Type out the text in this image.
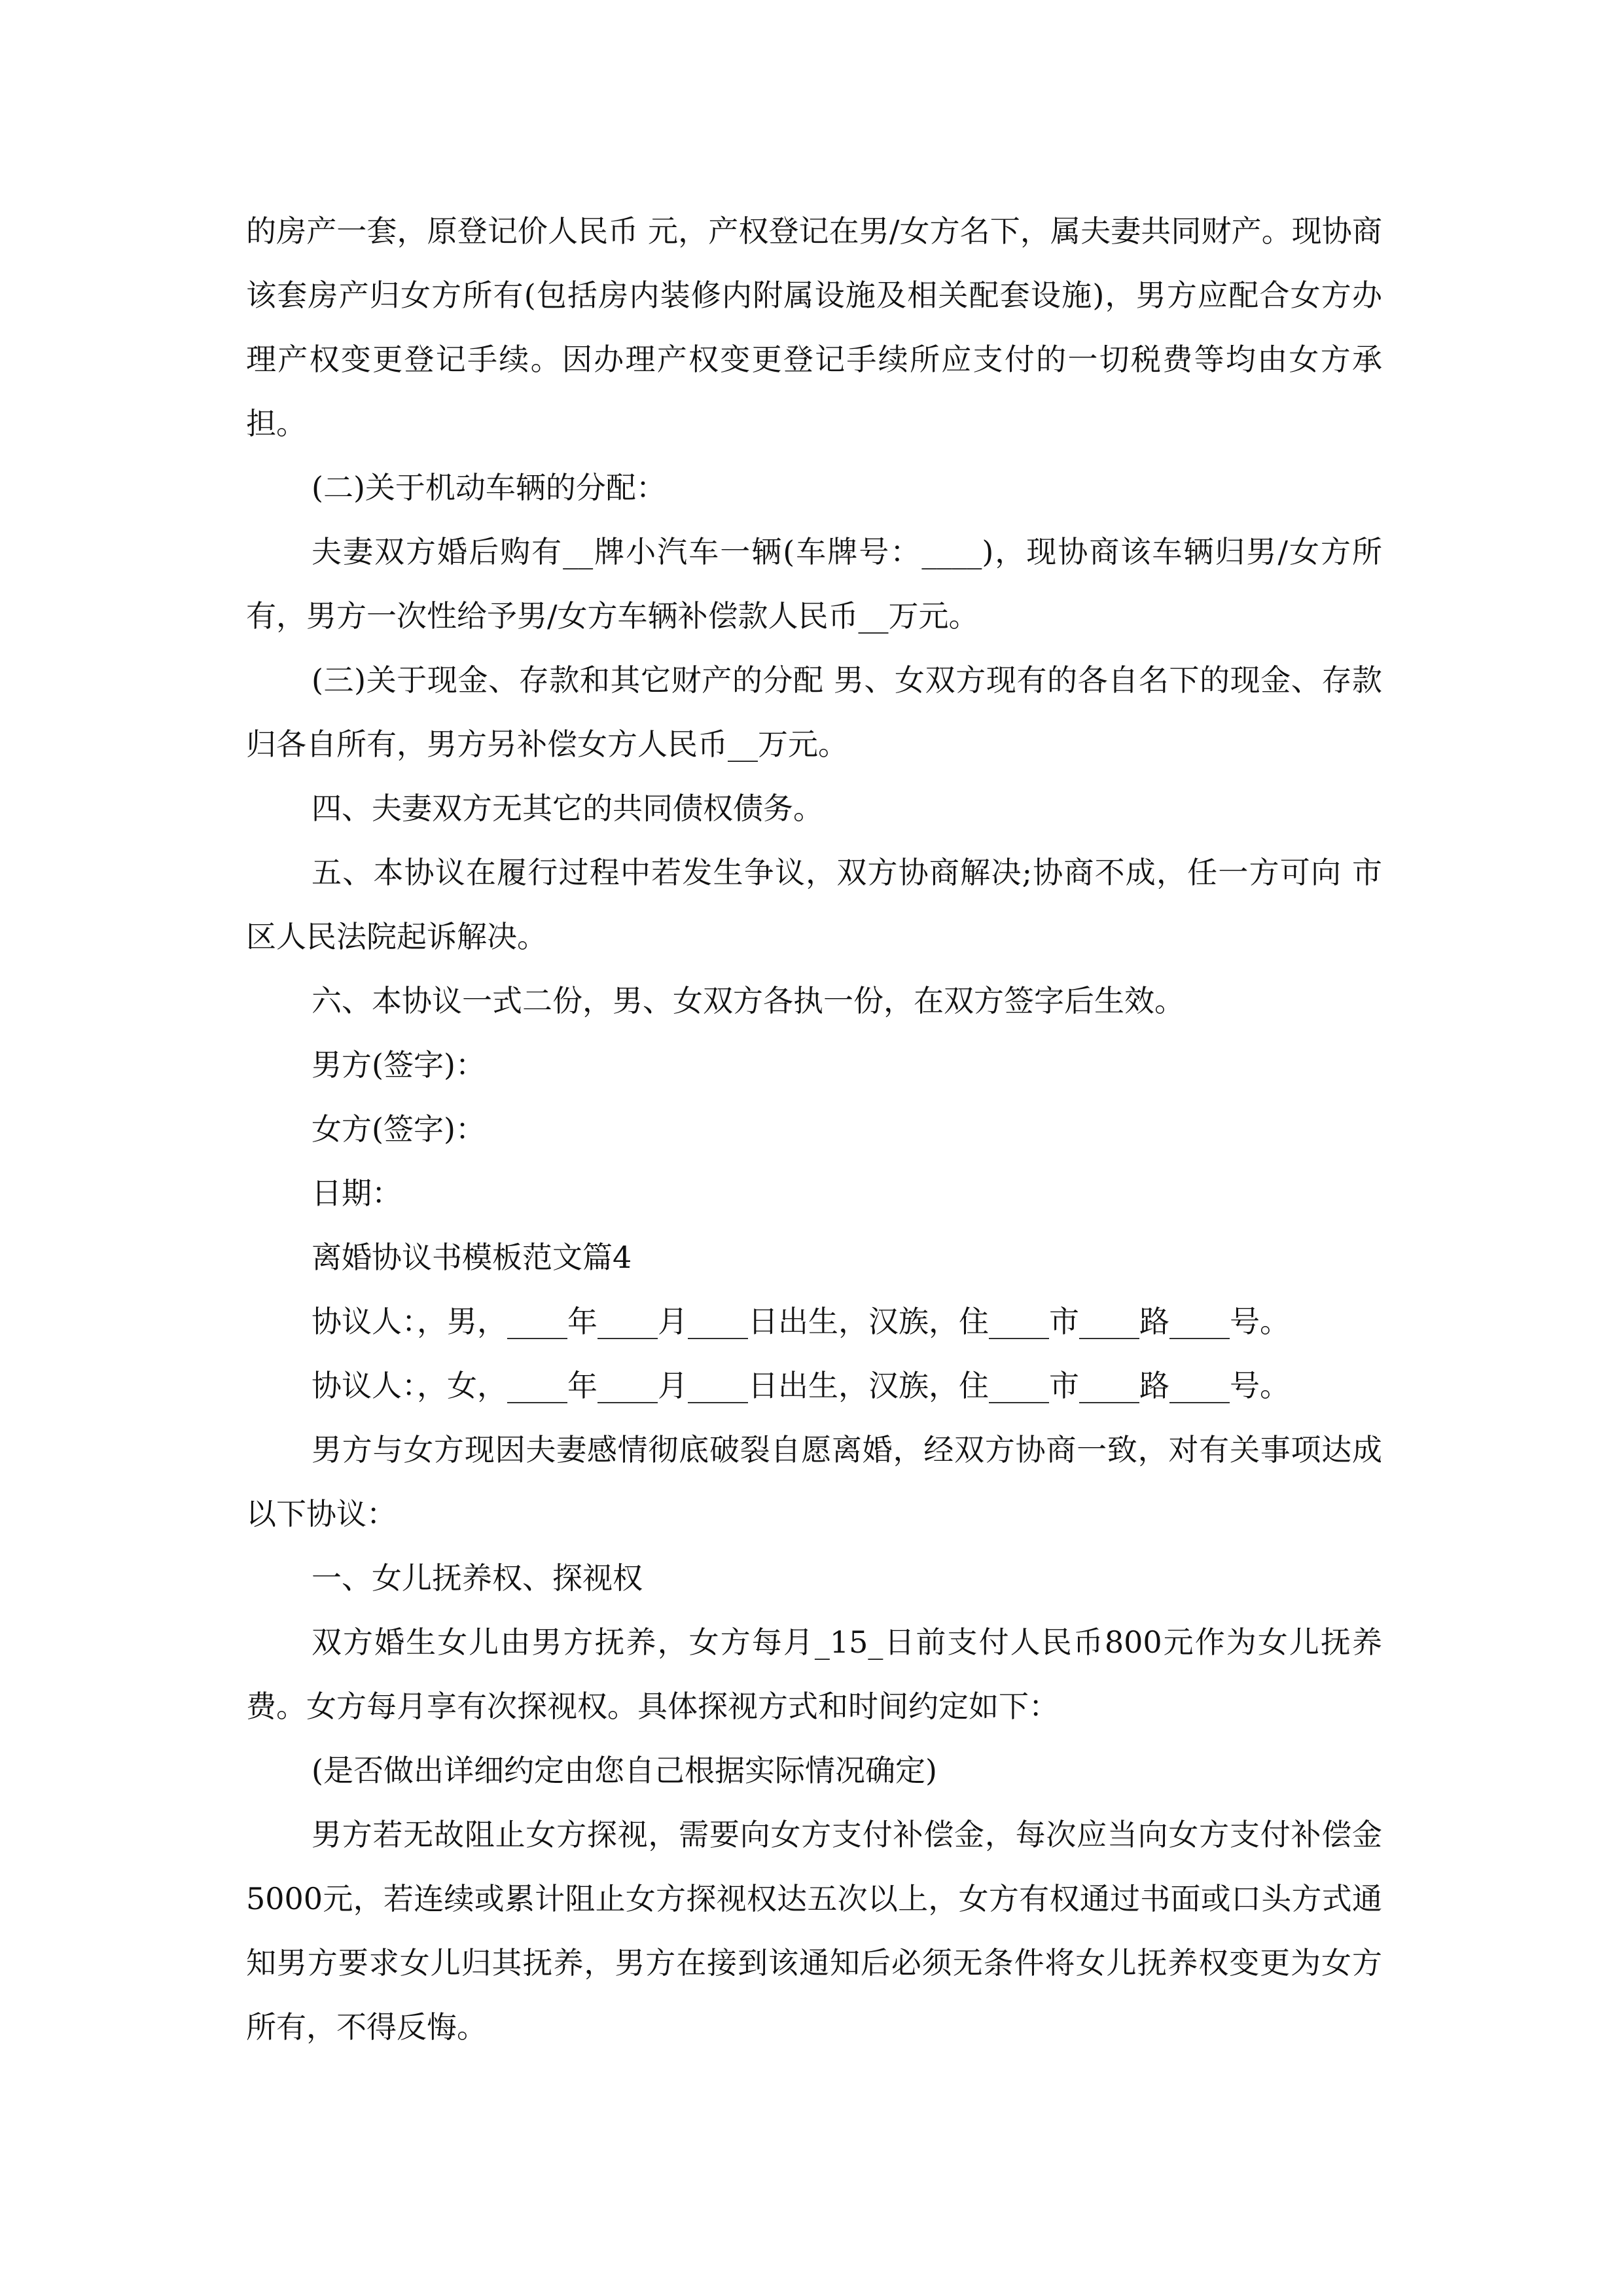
的房产一套，原登记价人民币 元，产权登记在男/女方名下，属夫妻共同财产。现协商该套房产归女方所有(包括房内装修内附属设施及相关配套设施)，男方应配合女方办理产权变更登记手续。因办理产权变更登记手续所应支付的一切税费等均由女方承担。

(二)关于机动车辆的分配：

夫妻双方婚后购有__牌小汽车一辆(车牌号：____)，现协商该车辆归男/女方所有，男方一次性给予男/女方车辆补偿款人民币__万元。

(三)关于现金、存款和其它财产的分配 男、女双方现有的各自名下的现金、存款归各自所有，男方另补偿女方人民币__万元。

四、夫妻双方无其它的共同债权债务。

五、本协议在履行过程中若发生争议，双方协商解决;协商不成，任一方可向 市 区人民法院起诉解决。

六、本协议一式二份，男、女双方各执一份，在双方签字后生效。

男方(签字)：

女方(签字)：

日期：

离婚协议书模板范文篇4

协议人：，男，____年____月____日出生，汉族，住____市____路____号。

协议人：，女，____年____月____日出生，汉族，住____市____路____号。

男方与女方现因夫妻感情彻底破裂自愿离婚，经双方协商一致，对有关事项达成以下协议：

一、女儿抚养权、探视权

双方婚生女儿由男方抚养，女方每月_15_日前支付人民币800元作为女儿抚养费。女方每月享有次探视权。具体探视方式和时间约定如下：

(是否做出详细约定由您自己根据实际情况确定)

男方若无故阻止女方探视，需要向女方支付补偿金，每次应当向女方支付补偿金5000元，若连续或累计阻止女方探视权达五次以上，女方有权通过书面或口头方式通知男方要求女儿归其抚养，男方在接到该通知后必须无条件将女儿抚养权变更为女方所有，不得反悔。
